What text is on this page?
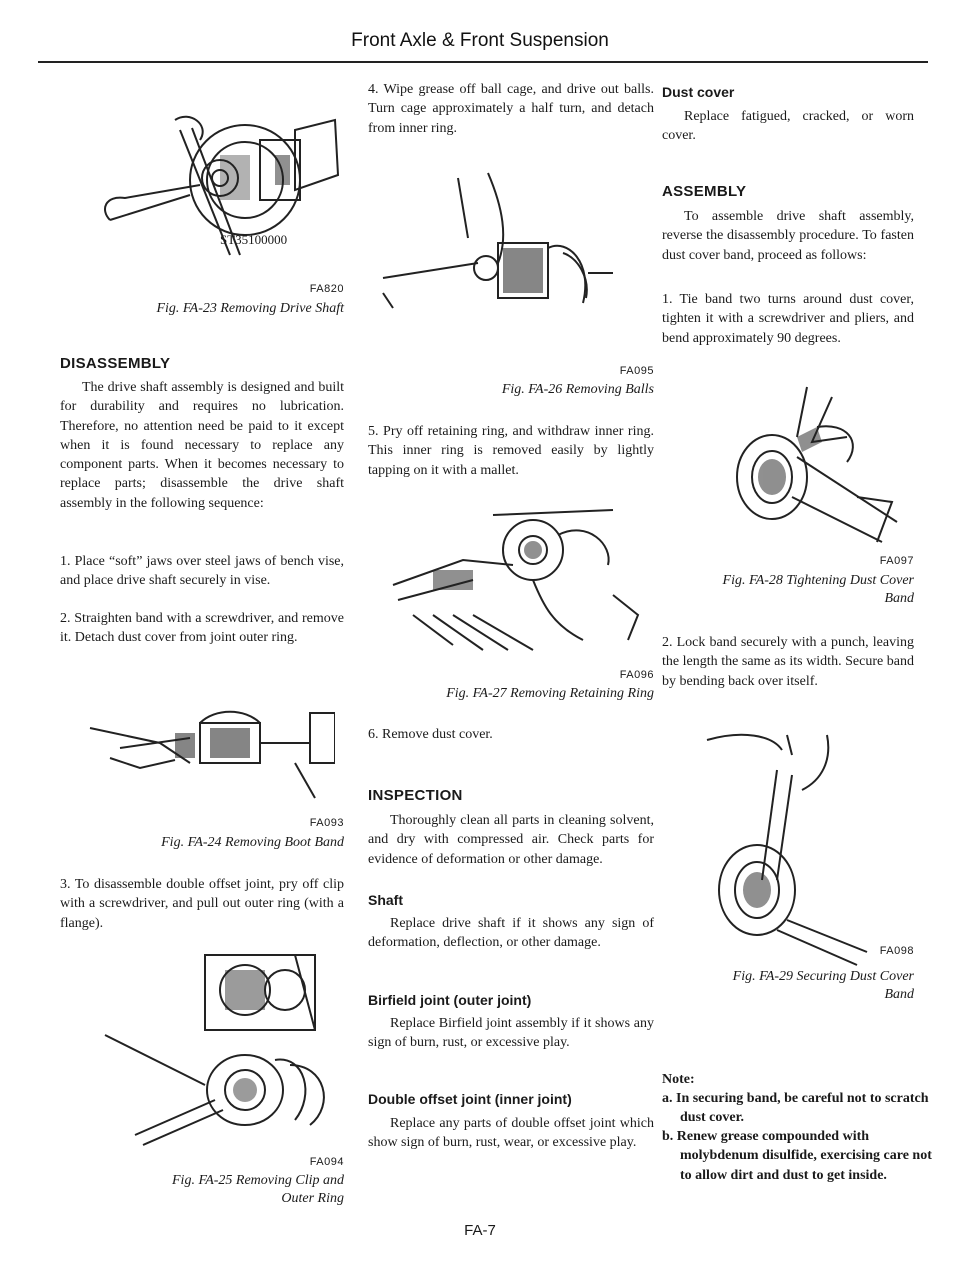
Front Axle & Front Suspension
ST35100000
FA820
Fig. FA-23 Removing Drive Shaft
DISASSEMBLY

The drive shaft assembly is designed and built for durability and requires no lubrication. Therefore, no attention need be paid to it except when it is found necessary to replace any component parts. When it becomes necessary to replace parts; disassemble the drive shaft assembly in the following sequence:

1. Place “soft” jaws over steel jaws of bench vise, and place drive shaft securely in vise.

2. Straighten band with a screwdriver, and remove it. Detach dust cover from joint outer ring.

FA093
Fig. FA-24 Removing Boot Band

3. To disassemble double offset joint, pry off clip with a screwdriver, and pull out outer ring (with a flange).

FA094
Fig. FA-25 Removing Clip and
Outer Ring

4. Wipe grease off ball cage, and drive out balls. Turn cage approximately a half turn, and detach from inner ring.

FA095
Fig. FA-26 Removing Balls

5. Pry off retaining ring, and withdraw inner ring. This inner ring is removed easily by lightly tapping on it with a mallet.

FA096
Fig. FA-27 Removing Retaining Ring

6. Remove dust cover.

INSPECTION

Thoroughly clean all parts in cleaning solvent, and dry with compressed air. Check parts for evidence of deformation or other damage.

Shaft

Replace drive shaft if it shows any sign of deformation, deflection, or other damage.

Birfield joint (outer joint)

Replace Birfield joint assembly if it shows any sign of burn, rust, or excessive play.

Double offset joint (inner joint)

Replace any parts of double offset joint which show sign of burn, rust, wear, or excessive play.

FA-7
Dust cover

Replace fatigued, cracked, or worn cover.

ASSEMBLY

To assemble drive shaft assembly, reverse the disassembly procedure. To fasten dust cover band, proceed as follows:

1. Tie band two turns around dust cover, tighten it with a screwdriver and pliers, and bend approximately 90 degrees.

FA097
Fig. FA-28 Tightening Dust Cover
Band

2. Lock band securely with a punch, leaving the length the same as its width. Secure band by bending back over itself.

FA098
Fig. FA-29 Securing Dust Cover
Band

Note:

a. In securing band, be careful not to scratch dust cover.

b. Renew grease compounded with molybdenum disulfide, exercising care not to allow dirt and dust to get inside.
